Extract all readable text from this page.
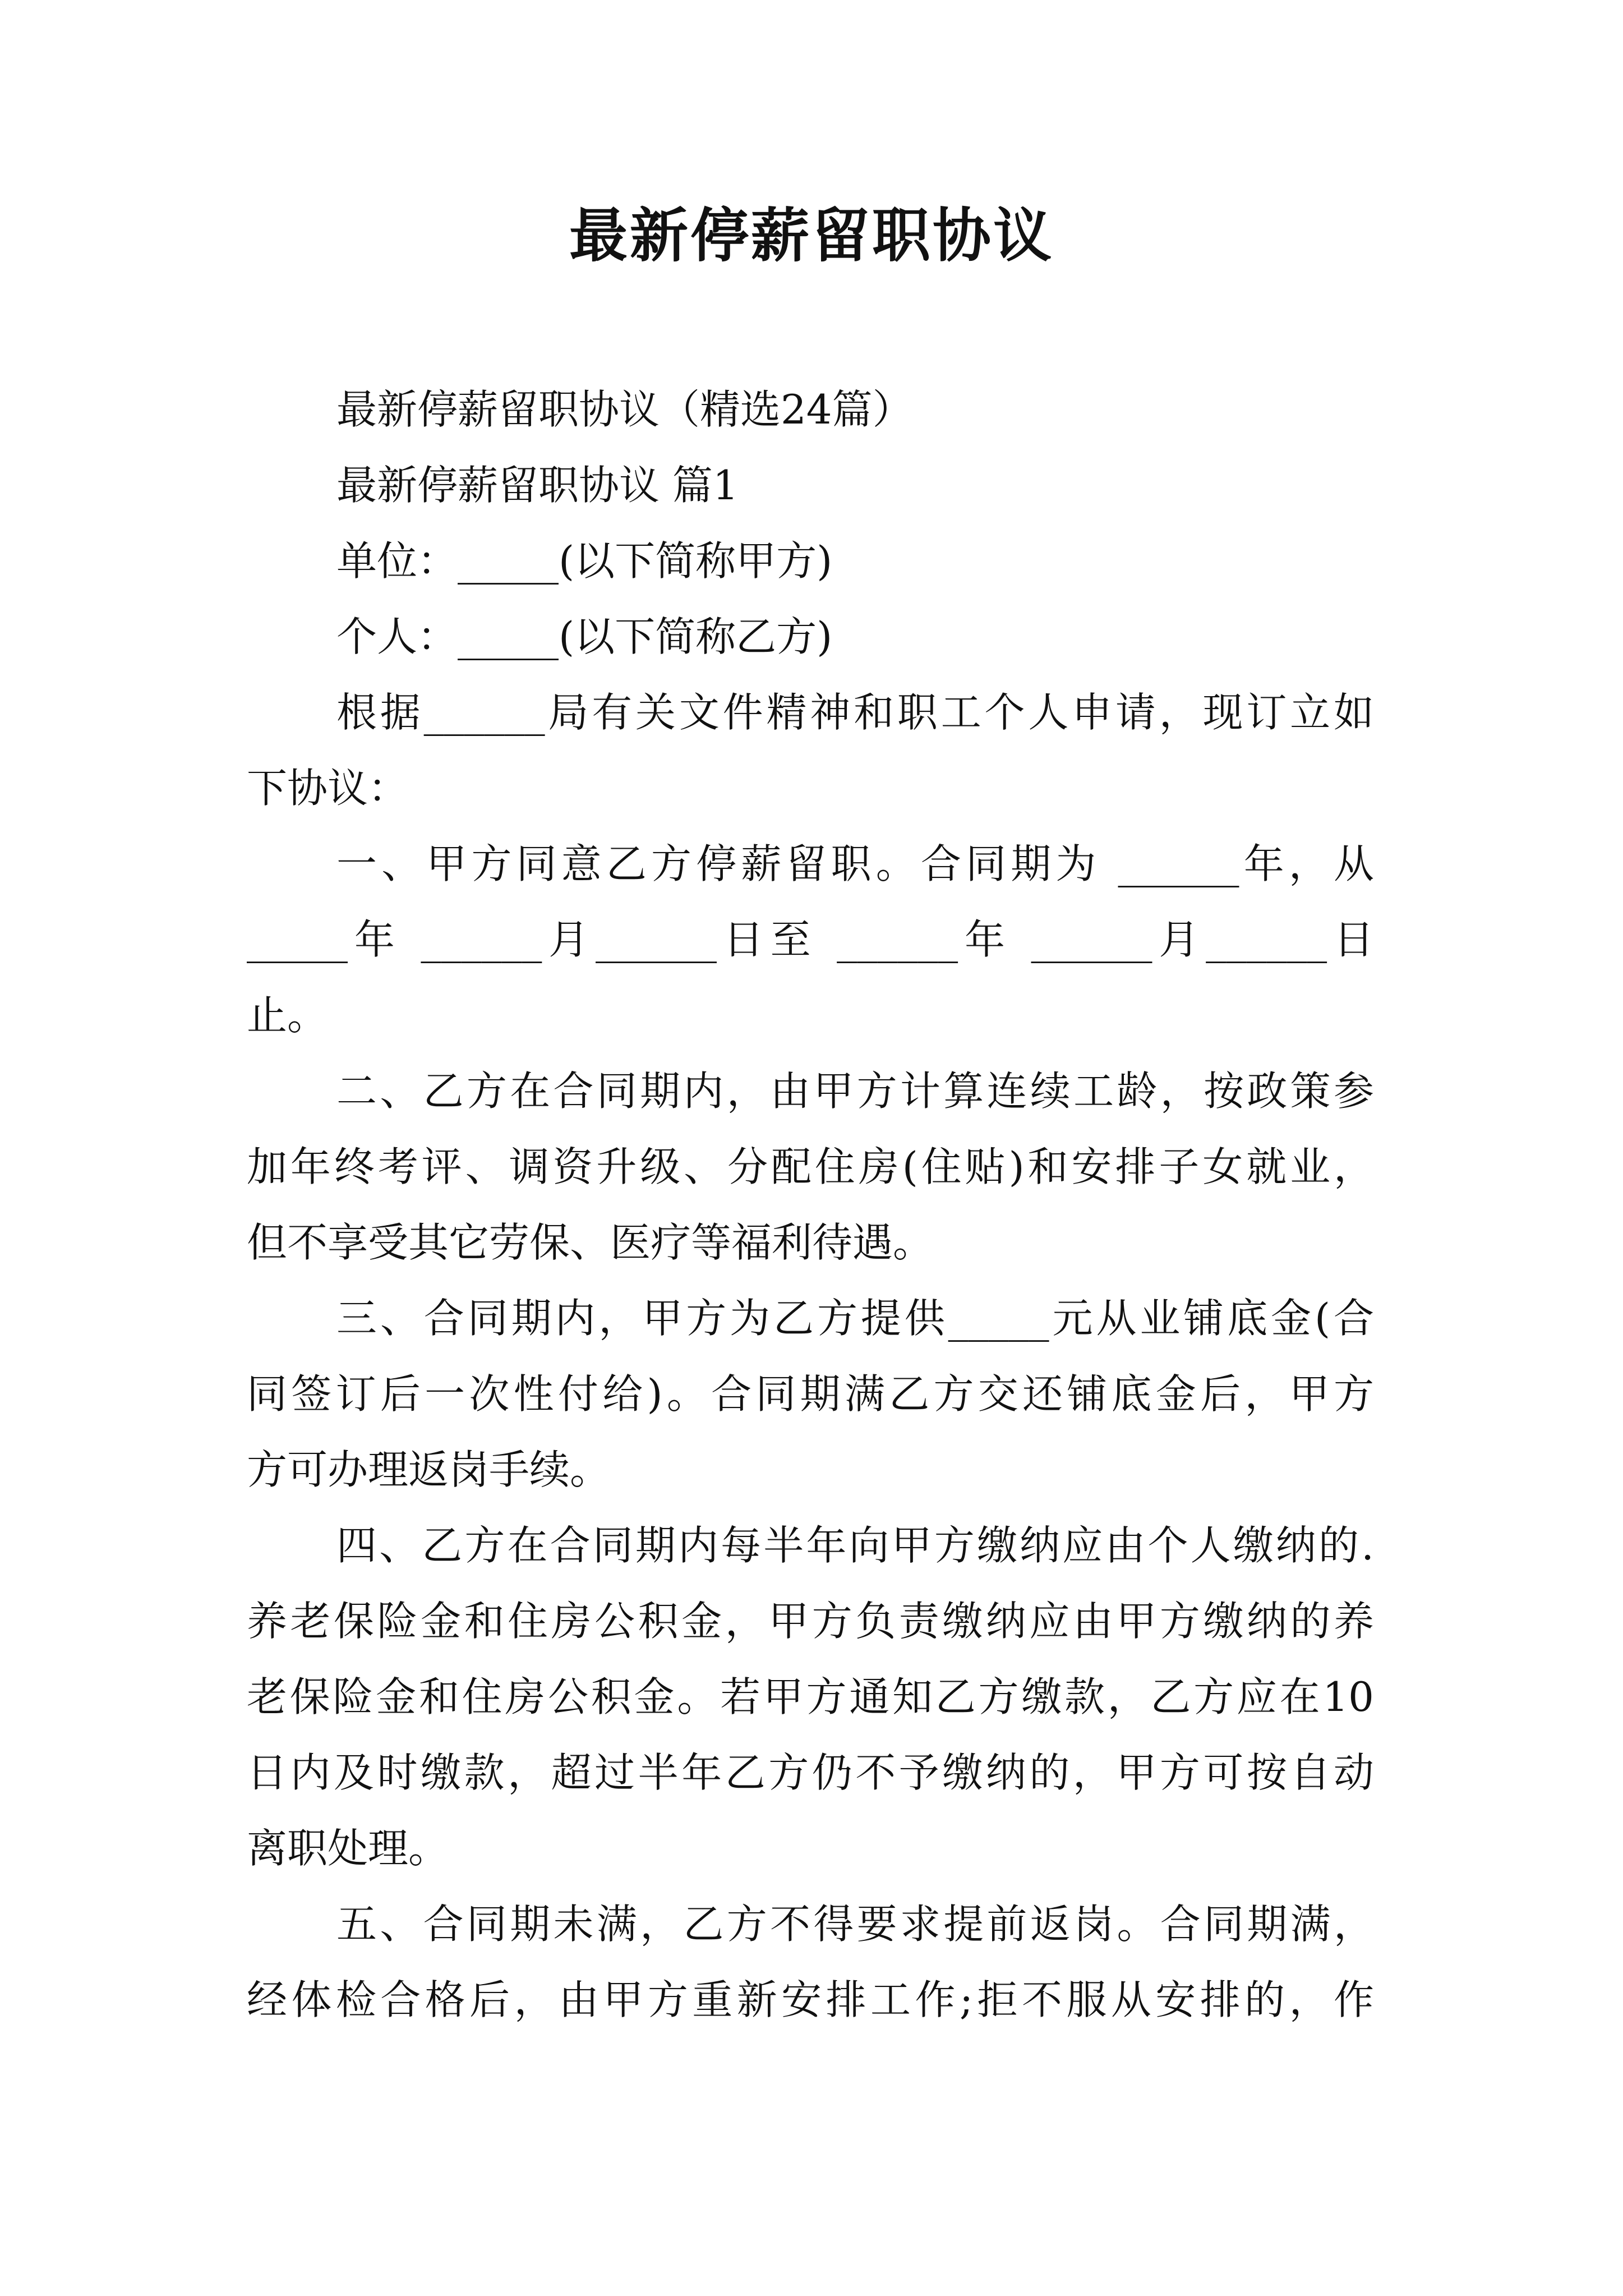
最新停薪留职协议
最新停薪留职协议（精选24篇）
最新停薪留职协议 篇1
单位：_____(以下简称甲方)
个人：_____(以下简称乙方)
根据______局有关文件精神和职工个人申请，现订立如
下协议：
一、甲方同意乙方停薪留职。合同期为 ______年，从
_____年 ______月______日至 ______年 ______月______日
止。
二、乙方在合同期内，由甲方计算连续工龄，按政策参
加年终考评、调资升级、分配住房(住贴)和安排子女就业，
但不享受其它劳保、医疗等福利待遇。
三、合同期内，甲方为乙方提供_____元从业铺底金(合
同签订后一次性付给)。合同期满乙方交还铺底金后，甲方
方可办理返岗手续。
四、乙方在合同期内每半年向甲方缴纳应由个人缴纳的.
养老保险金和住房公积金，甲方负责缴纳应由甲方缴纳的养
老保险金和住房公积金。若甲方通知乙方缴款，乙方应在10
日内及时缴款，超过半年乙方仍不予缴纳的，甲方可按自动
离职处理。
五、合同期未满，乙方不得要求提前返岗。合同期满，
经体检合格后，由甲方重新安排工作;拒不服从安排的，作
